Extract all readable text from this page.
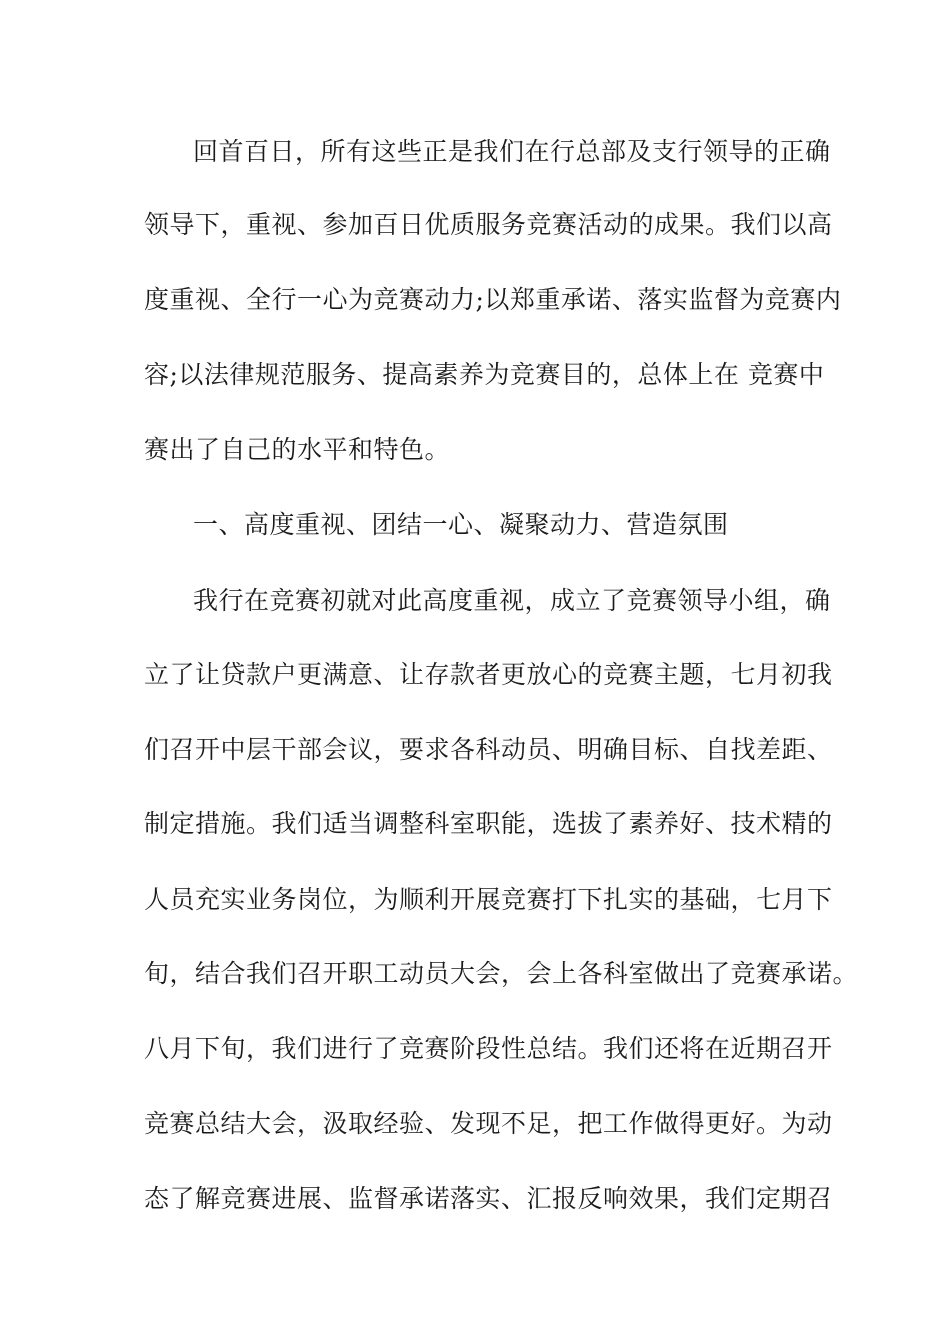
回首百日，所有这些正是我们在行总部及支行领导的正确
领导下，重视、参加百日优质服务竞赛活动的成果。我们以高
度重视、全行一心为竞赛动力;以郑重承诺、落实监督为竞赛内
容;以法律规范服务、提高素养为竞赛目的，总体上在 竞赛中
赛出了自己的水平和特色。
一、高度重视、团结一心、凝聚动力、营造氛围
我行在竞赛初就对此高度重视，成立了竞赛领导小组，确
立了让贷款户更满意、让存款者更放心的竞赛主题，七月初我
们召开中层干部会议，要求各科动员、明确目标、自找差距、
制定措施。我们适当调整科室职能，选拔了素养好、技术精的
人员充实业务岗位，为顺利开展竞赛打下扎实的基础，七月下
旬，结合我们召开职工动员大会，会上各科室做出了竞赛承诺。
八月下旬，我们进行了竞赛阶段性总结。我们还将在近期召开
竞赛总结大会，汲取经验、发现不足，把工作做得更好。为动
态了解竞赛进展、监督承诺落实、汇报反响效果，我们定期召
